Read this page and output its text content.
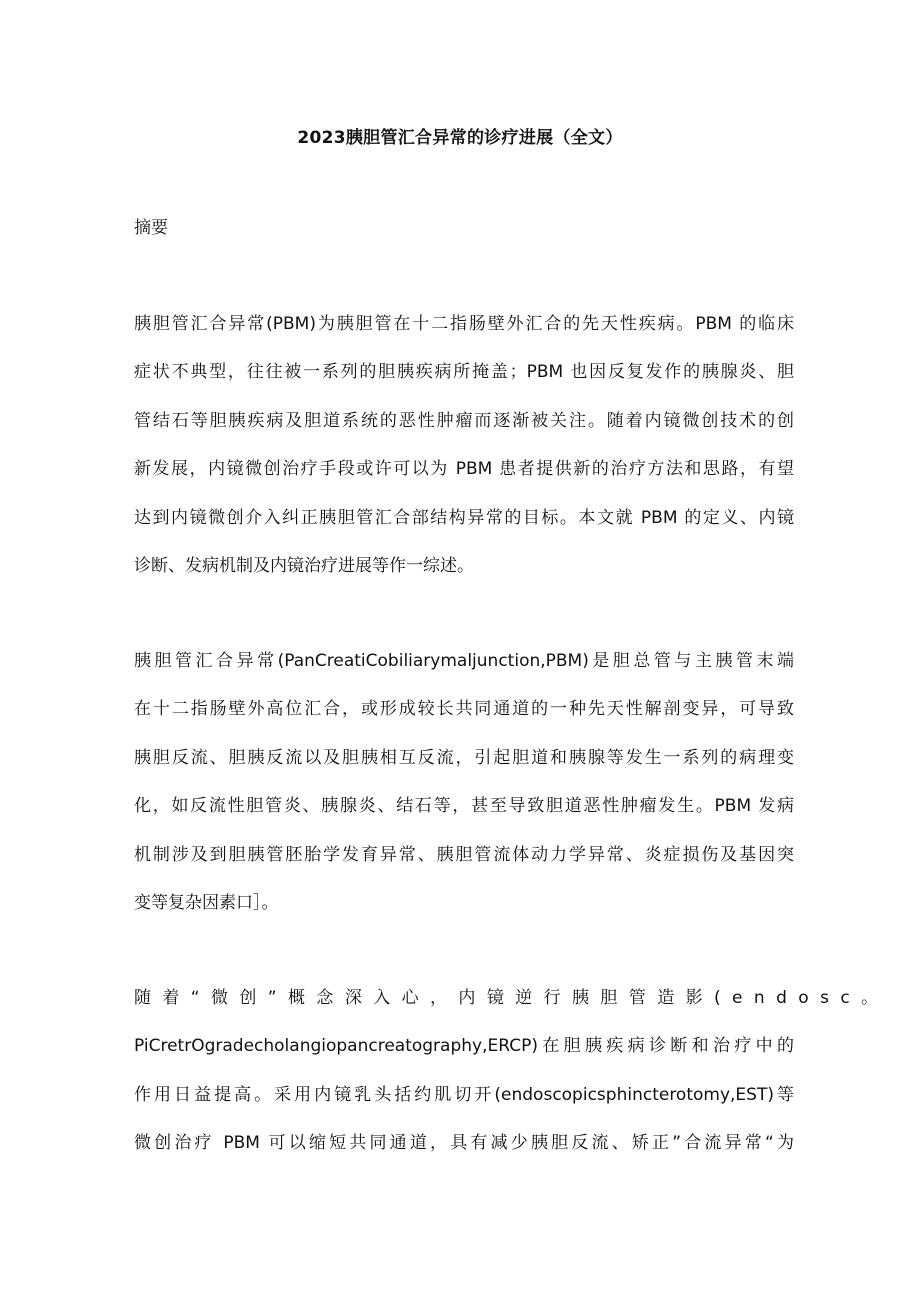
2023胰胆管汇合异常的诊疗进展（全文）
摘要
胰胆管汇合异常(PBM)为胰胆管在十二指肠壁外汇合的先天性疾病。PBM 的临床
症状不典型，往往被一系列的胆胰疾病所掩盖；PBM 也因反复发作的胰腺炎、胆
管结石等胆胰疾病及胆道系统的恶性肿瘤而逐渐被关注。随着内镜微创技术的创
新发展，内镜微创治疗手段或许可以为 PBM 患者提供新的治疗方法和思路，有望
达到内镜微创介入纠正胰胆管汇合部结构异常的目标。本文就 PBM 的定义、内镜
诊断、发病机制及内镜治疗进展等作一综述。
胰胆管汇合异常(PanCreatiCobiliarymaljunction,PBM)是胆总管与主胰管末端
在十二指肠壁外高位汇合，或形成较长共同通道的一种先天性解剖变异，可导致
胰胆反流、胆胰反流以及胆胰相互反流，引起胆道和胰腺等发生一系列的病理变
化，如反流性胆管炎、胰腺炎、结石等，甚至导致胆道恶性肿瘤发生。PBM 发病
机制涉及到胆胰管胚胎学发育异常、胰胆管流体动力学异常、炎症损伤及基因突
变等复杂因素口］。
随着“微创”概念深入心，内镜逆行胰胆管造影(endosc。
PiCretrOgradecholangiopancreatography,ERCP)在胆胰疾病诊断和治疗中的
作用日益提高。采用内镜乳头括约肌切开(endoscopicsphincterotomy,EST)等
微创治疗 PBM 可以缩短共同通道，具有减少胰胆反流、矫正”合流异常“为
